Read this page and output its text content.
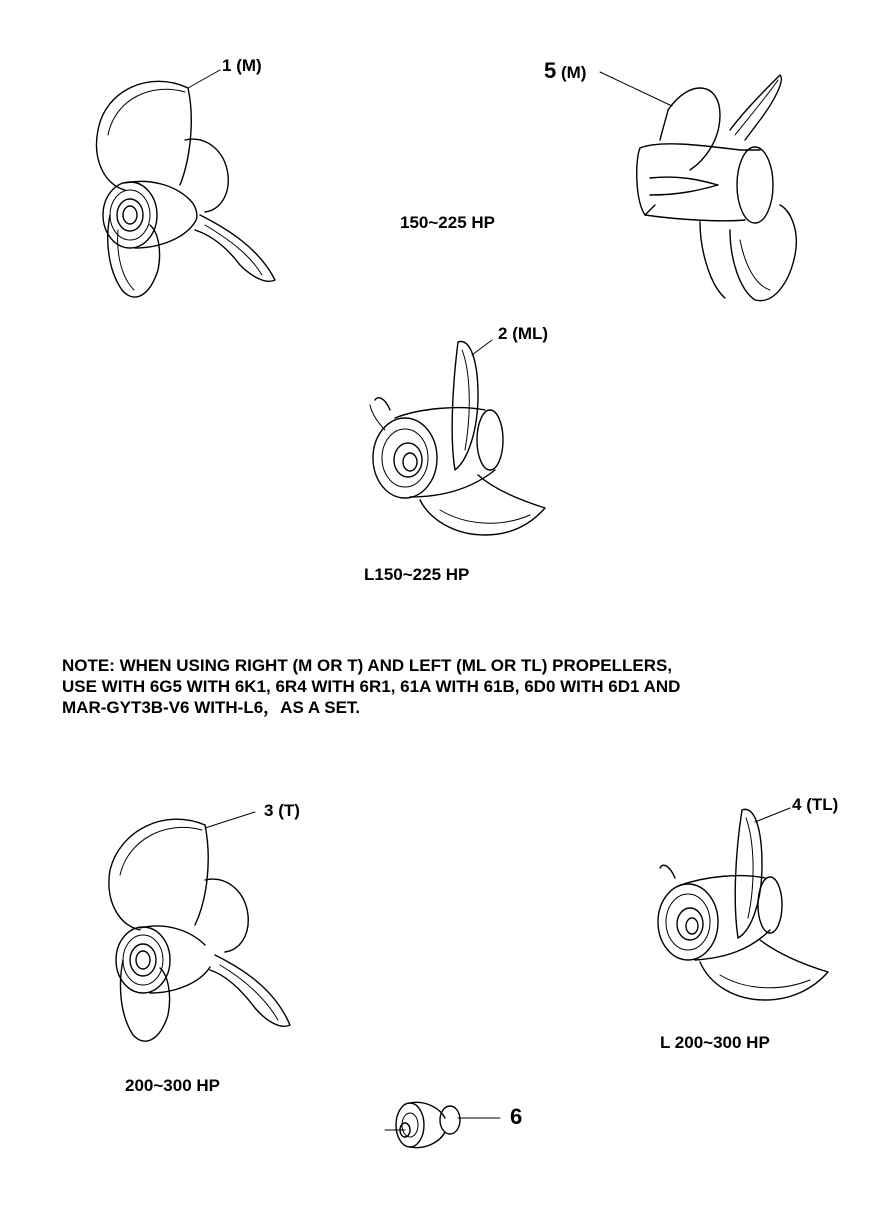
1 (M)	5 (M)
2 (ML)
3 (T)	4 (TL)
6
150~225 HP
L150~225 HP
200~300 HP
L 200~300 HP
NOTE: WHEN USING RIGHT (M OR T) AND LEFT (ML OR TL) PROPELLERS,
USE WITH 6G5 WITH 6K1, 6R4 WITH 6R1, 61A WITH 61B, 6D0 WITH 6D1 AND
MAR-GYT3B-V6 WITH-L6，AS A SET.
